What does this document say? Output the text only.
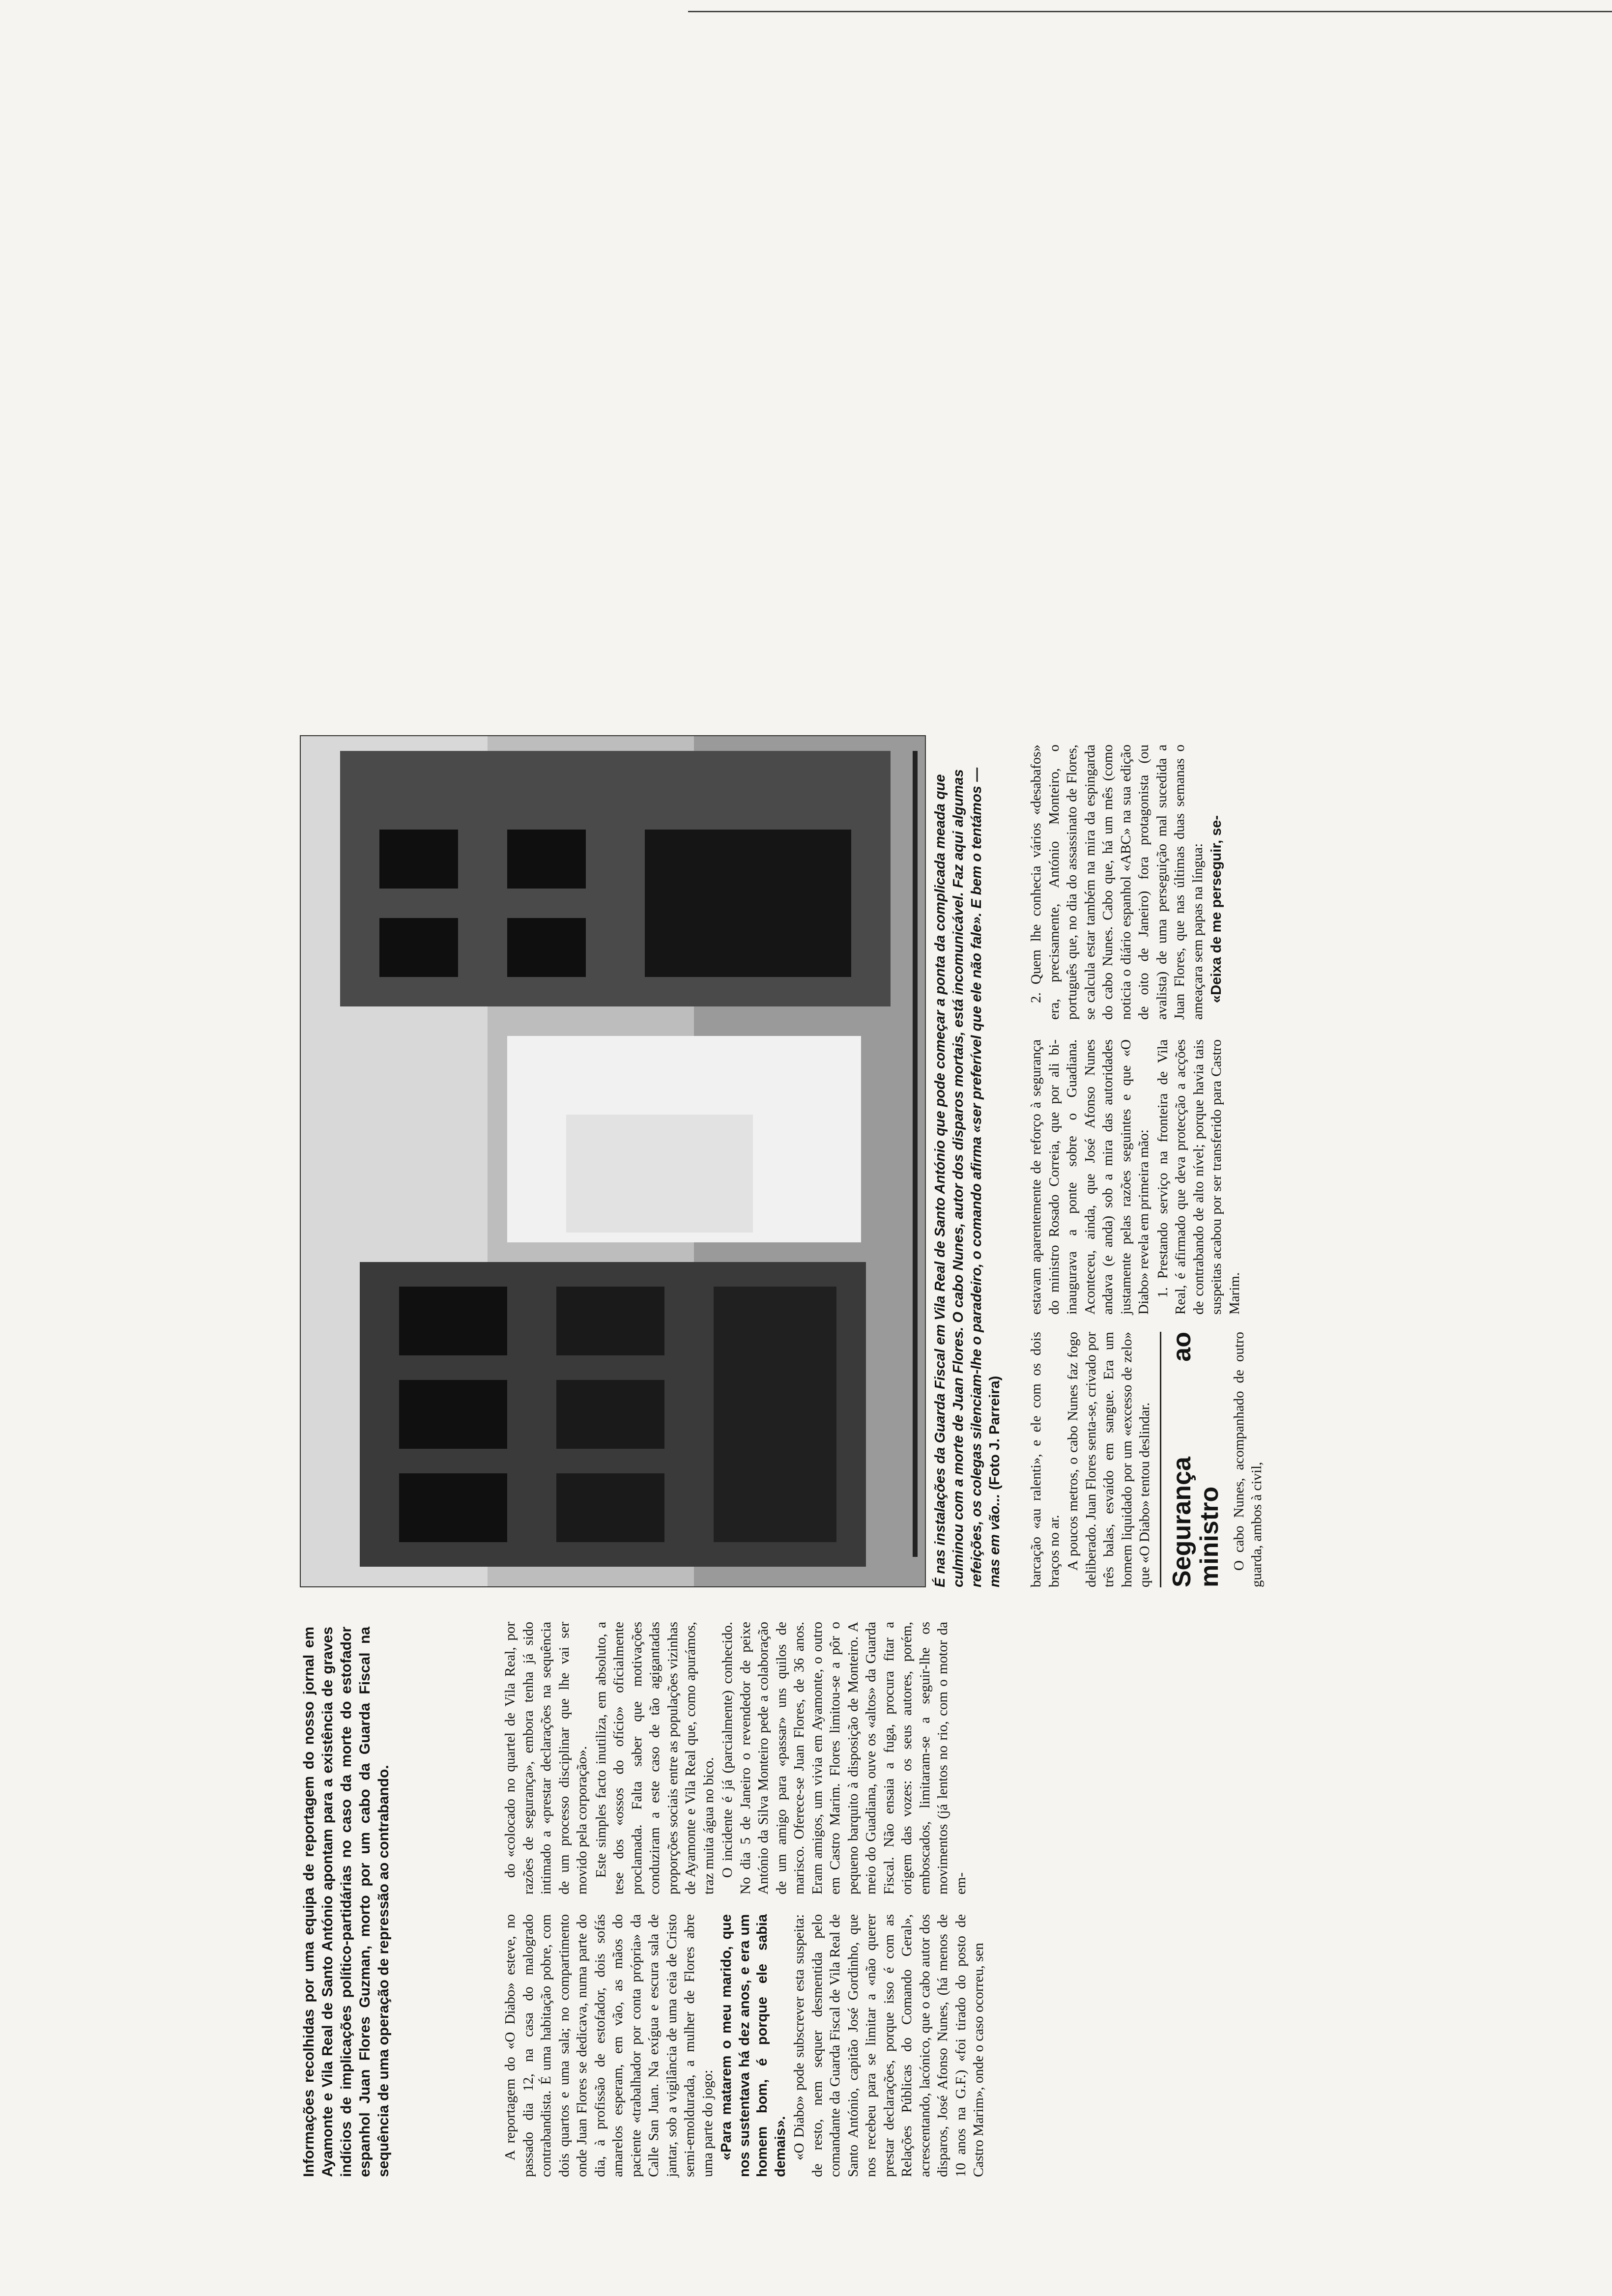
Informações recolhidas por uma equipa de reportagem do nosso jornal em Ayamonte e Vila Real de Santo António apontam para a existência de graves indícios de implicações político-partidárias no caso da morte do estofador espanhol Juan Flores Guzman, morto por um cabo da Guarda Fiscal na sequência de uma operação de repressão ao contrabando.	A reportagem do «O Diabo» esteve, no passado dia 12, na casa do malogrado contrabandista. É uma habitação pobre, com dois quartos e uma sala; no compartimento onde Juan Flores se dedicava, numa parte do dia, à profissão de estofador, dois sofás amarelos esperam, em vão, as mãos do paciente «trabalhador por conta própria» da Calle San Juan. Na exígua e escura sala de jantar, sob a vigilância de uma ceia de Cristo semi-emoldurada, a mulher de Flores abre uma parte do jogo: «Para matarem o meu marido, que nos sustentava há dez anos, e era um homem bom, é porque ele sabia demais». «O Diabo» pode subscrever esta suspeita: de resto, nem sequer desmentida pelo comandante da Guarda Fiscal de Vila Real de Santo António, capitão José Gordinho, que nos recebeu para se limitar a «não querer prestar declarações, porque isso é com as Relações Públicas do Comando Geral», acrescentando, lacónico, que o cabo autor dos disparos, José Afonso Nunes, (há menos de 10 anos na G.F.) «foi tirado do posto de Castro Marim», onde o caso ocorreu, sen

do «colocado no quartel de Vila Real, por razões de segurança», embora tenha já sido intimado a «prestar declarações na sequência de um processo disciplinar que lhe vai ser movido pela corporação». Este simples facto inutiliza, em absoluto, a tese dos «ossos do ofício» oficialmente proclamada. Falta saber que motivações conduziram a este caso de tão agigantadas proporções sociais entre as populações vizinhas de Ayamonte e Vila Real que, como apurámos, traz muita água no bico. O incidente é já (parcialmente) conhecido. No dia 5 de Janeiro o revendedor de peixe António da Silva Monteiro pede a colaboração de um amigo para «passar» uns quilos de marisco. Oferece-se Juan Flores, de 36 anos. Eram amigos, um vivia em Ayamonte, o outro em Castro Marim. Flores limitou-se a pôr o pequeno barquito à disposição de Monteiro. A meio do Guadiana, ouve os «altos» da Guarda Fiscal. Não ensaia a fuga, procura fitar a origem das vozes: os seus autores, porém, emboscados, limitaram-se a seguir-lhe os movimentos (já lentos no rio, com o motor da em-

É nas instalações da Guarda Fiscal em Vila Real de Santo António que pode começar a ponta da complicada meada que culminou com a morte de Juan Flores. O cabo Nunes, autor dos disparos mortais, está incomunicável. Faz aqui algumas refeições, os colegas silenciam-lhe o paradeiro, o comando afirma «ser preferível que ele não fale». E bem o tentámos — mas em vão... (Foto J. Parreira) barcação «au ralenti», e ele com os dois braços no ar. A poucos metros, o cabo Nunes faz fogo deliberado. Juan Flores senta-se, crivado por três balas, esvaído em sangue. Era um homem liquidado por um «excesso de zelo» que «O Diabo» tentou deslindar. Segurança ao ministro O cabo Nunes, acompanhado de outro guarda, ambos à civil,

estavam aparentemente de reforço à segurança do ministro Rosado Correia, que por ali bi-inaugurava a ponte sobre o Guadiana. Aconteceu, ainda, que José Afonso Nunes andava (e anda) sob a mira das autoridades justamente pelas razões seguintes e que «O Diabo» revela em primeira mão: 1. Prestando serviço na fronteira de Vila Real, é afirmado que deva protecção a acções de contrabando de alto nível; porque havia tais suspeitas acabou por ser transferido para Castro Marim.

2. Quem lhe conhecia vários «desabafos» era, precisamente, António Monteiro, o português que, no dia do assassinato de Flores, se calcula estar também na mira da espingarda do cabo Nunes. Cabo que, há um mês (como noticia o diário espanhol «ABC» na sua edição de oito de Janeiro) fora protagonista (ou avalista) de uma perseguição mal sucedida a Juan Flores, que nas últimas duas semanas o ameaçara sem papas na língua: «Deixa de me perseguir, se-
